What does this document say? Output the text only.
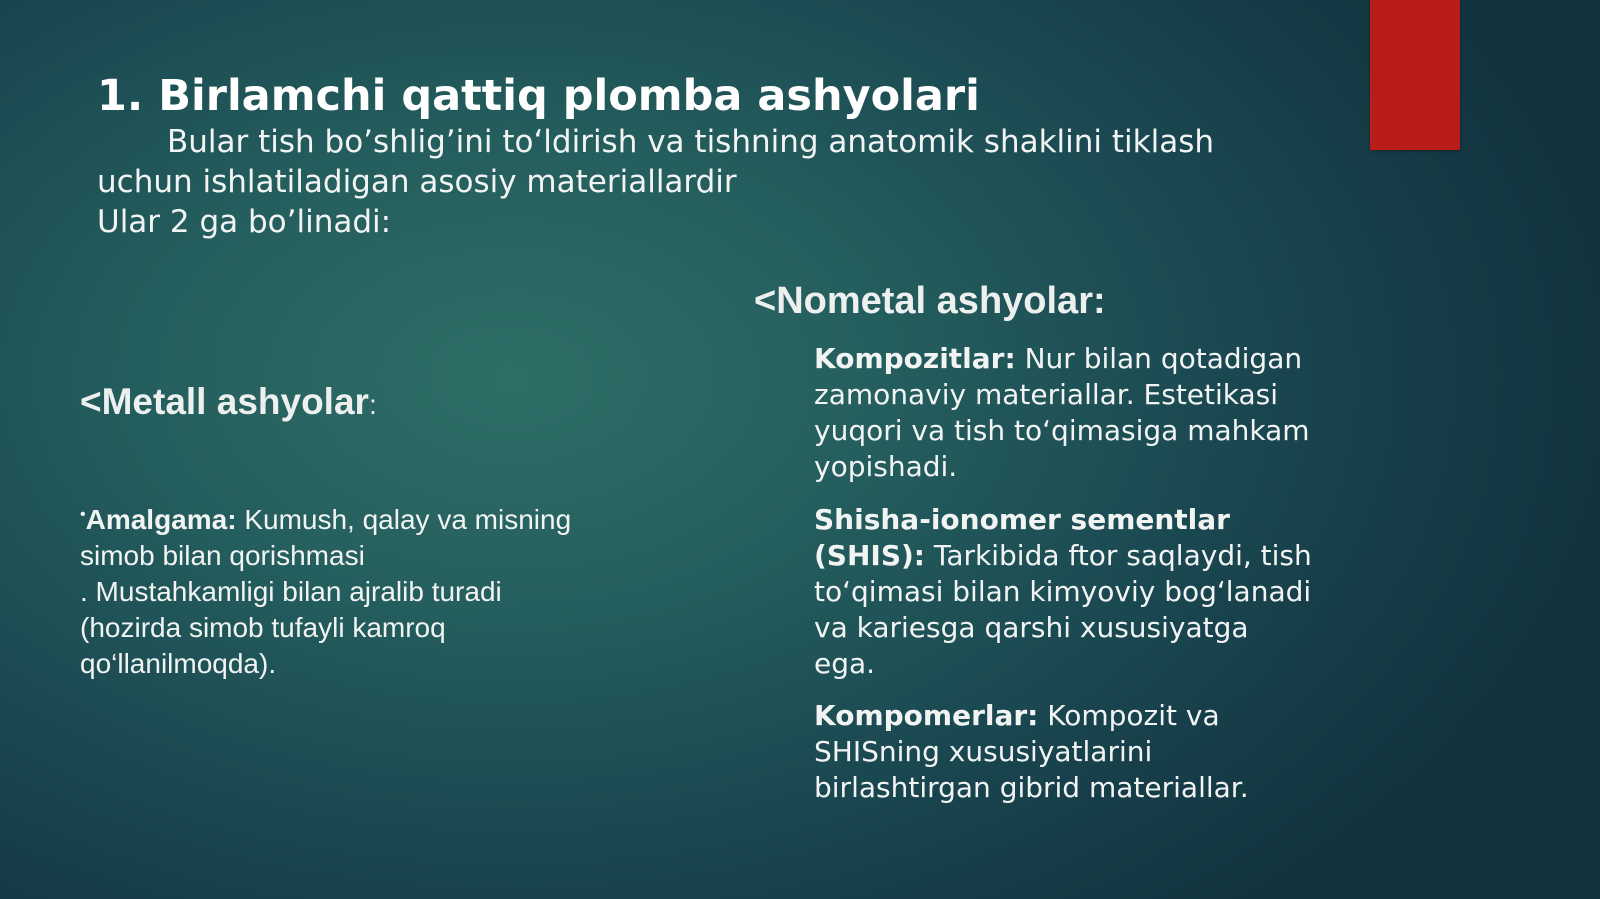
1. Birlamchi qattiq plomba ashyolari
Bular tish bo’shlig’ini to‘ldirish va tishning anatomik shaklini tiklash
uchun ishlatiladigan asosiy materiallardir
Ular 2 ga bo’linadi:
<Metall ashyolar:
•Amalgama: Kumush, qalay va misning
simob bilan qorishmasi
. Mustahkamligi bilan ajralib turadi
(hozirda simob tufayli kamroq
qo‘llanilmoqda).
<Nometal ashyolar:
Kompozitlar: Nur bilan qotadigan
zamonaviy materiallar. Estetikasi
yuqori va tish to‘qimasiga mahkam
yopishadi.
Shisha-ionomer sementlar
(SHIS): Tarkibida ftor saqlaydi, tish
to‘qimasi bilan kimyoviy bog‘lanadi
va kariesga qarshi xususiyatga
ega.
Kompomerlar: Kompozit va
SHISning xususiyatlarini
birlashtirgan gibrid materiallar.
